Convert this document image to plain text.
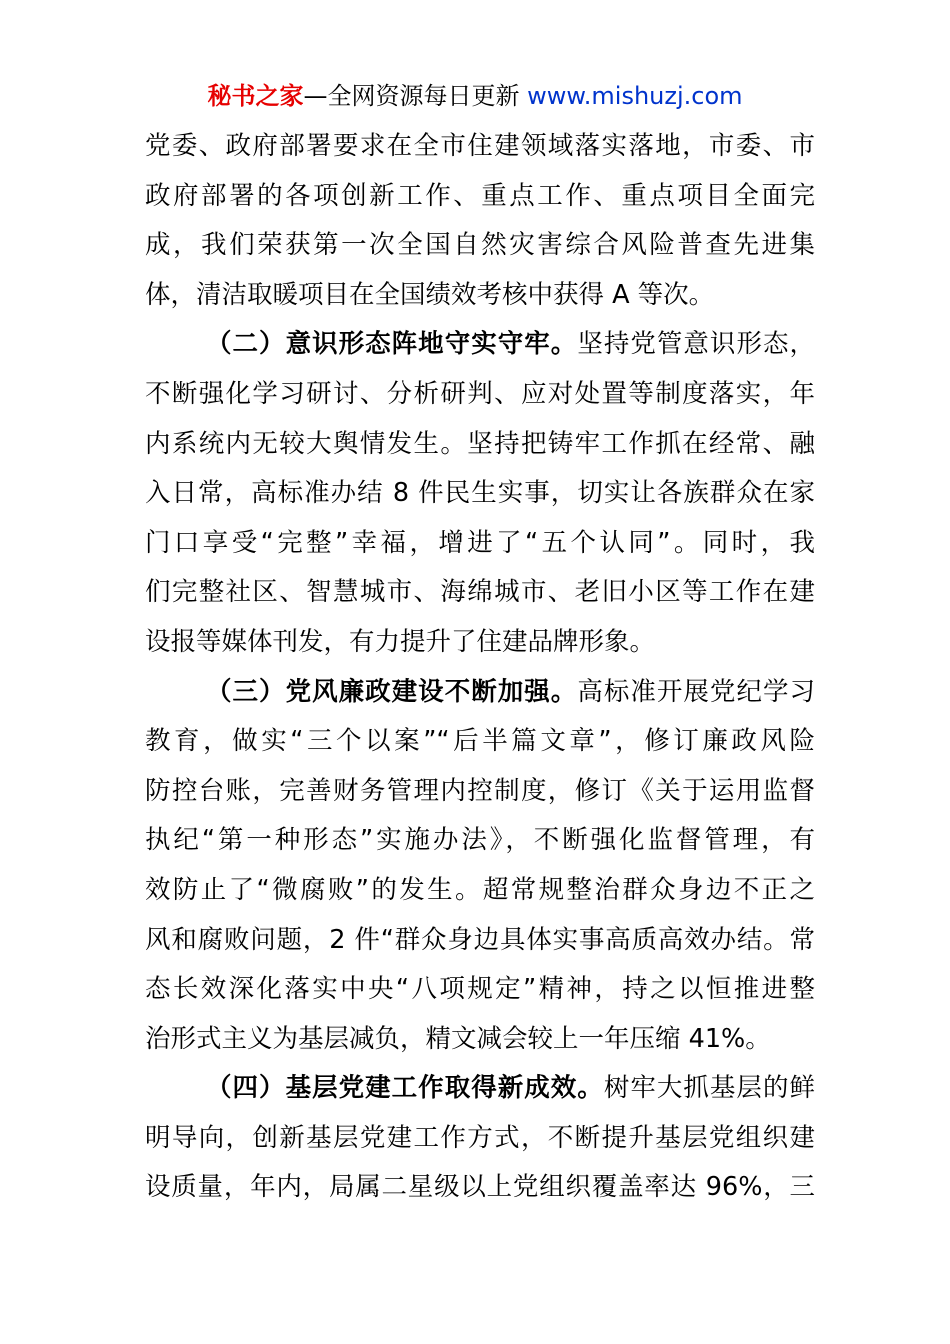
秘书之家—全网资源每日更新 www.mishuzj.com
党委、政府部署要求在全市住建领域落实落地，市委、市
政府部署的各项创新工作、重点工作、重点项目全面完
成，我们荣获第一次全国自然灾害综合风险普查先进集
体，清洁取暖项目在全国绩效考核中获得 A 等次。
（二）意识形态阵地守实守牢。坚持党管意识形态，
不断强化学习研讨、分析研判、应对处置等制度落实，年
内系统内无较大舆情发生。坚持把铸牢工作抓在经常、融
入日常，高标准办结 8 件民生实事，切实让各族群众在家
门口享受“完整”幸福，增进了“五个认同”。同时，我
们完整社区、智慧城市、海绵城市、老旧小区等工作在建
设报等媒体刊发，有力提升了住建品牌形象。
（三）党风廉政建设不断加强。高标准开展党纪学习
教育，做实“三个以案”“后半篇文章”，修订廉政风险
防控台账，完善财务管理内控制度，修订《关于运用监督
执纪“第一种形态”实施办法》，不断强化监督管理，有
效防止了“微腐败”的发生。超常规整治群众身边不正之
风和腐败问题，2 件“群众身边具体实事高质高效办结。常
态长效深化落实中央“八项规定”精神，持之以恒推进整
治形式主义为基层减负，精文减会较上一年压缩 41%。
（四）基层党建工作取得新成效。树牢大抓基层的鲜
明导向，创新基层党建工作方式，不断提升基层党组织建
设质量，年内，局属二星级以上党组织覆盖率达 96%，三
